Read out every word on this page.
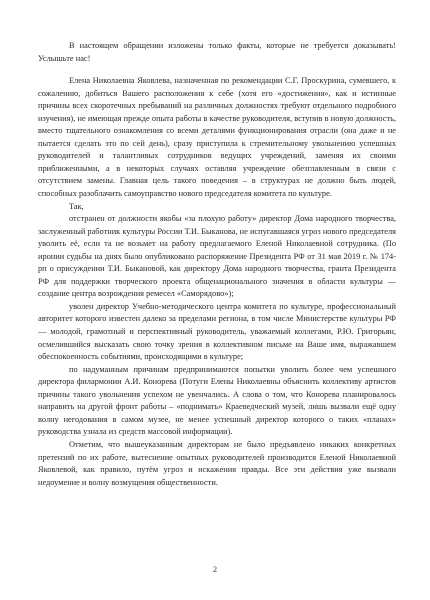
В настоящем обращении изложены только факты, которые не требуется доказывать! Услышьте нас!

Елена Николаевна Яковлева, назначенная по рекомендации С.Г. Проскурина, сумевшего, к сожалению, добиться Вашего расположения к себе (хотя его «достижения», как и истинные причины всех скоротечных пребываний на различных должностях требуют отдельного подробного изучения), не имеющая прежде опыта работы в качестве руководителя, вступив в новую должность, вместо тщательного ознакомления со всеми деталями функционирования отрасли (она даже и не пытается сделать это по сей день), сразу приступила к стремительному увольнению успешных руководителей и талантливых сотрудников ведущих учреждений, заменяя их своими приближенными, а в некоторых случаях оставляя учреждение обезглавленным в связи с отсутствием замены. Главная цель такого поведения – в структурах не должно быть людей, способных разоблачить самоуправство нового председателя комитета по культуре.

Так,

отстранен от должности якобы «за плохую работу» директор Дома народного творчества, заслуженный работник культуры России Т.И. Быканова, не испугавшаяся угроз нового председателя уволить её, если та не возьмет на работу предлагаемого Еленой Николаевной сотрудника. (По иронии судьбы на днях было опубликовано распоряжение Президента РФ от 31 мая 2019 г. № 174-рп о присуждении Т.И. Быкановой, как директору Дома народного творчества, гранта Президента РФ для поддержки творческого проекта общенационального значения в области культуры — создание центра возрождения ремесел «Саморядово»);

уволен директор Учебно-методического центра комитета по культуре, профессиональный авторитет которого известен далеко за пределами региона, в том числе Министерстве культуры РФ — молодой, грамотный и перспективный руководитель, уважаемый коллегами, Р.Ю. Григорьян, осмелившийся высказать свою точку зрения в коллективном письме на Ваше имя, выражавшем обеспокоенность событиями, происходящими в культуре;

по надуманным причинам предпринимаются попытки уволить более чем успешного директора филармонии А.И. Конорева (Потуги Елены Николаевны объяснить коллективу артистов причины такого увольнения успехом не увенчались. А слова о том, что Конорева планировалось направить на другой фронт работы – «поднимать» Краеведческий музей, лишь вызвали ещё одну волну негодования в самом музее, не менее успешный директор которого о таких «планах» руководства узнала из средств массовой информации).

Отметим, что вышеуказанным директорам не было предъявлено никаких конкретных претензий по их работе, вытеснение опытных руководителей производится Еленой Николаевной Яковлевой, как правило, путём угроз и искажения правды. Все эти действия уже вызвали недоумение и волну возмущения общественности.

2
